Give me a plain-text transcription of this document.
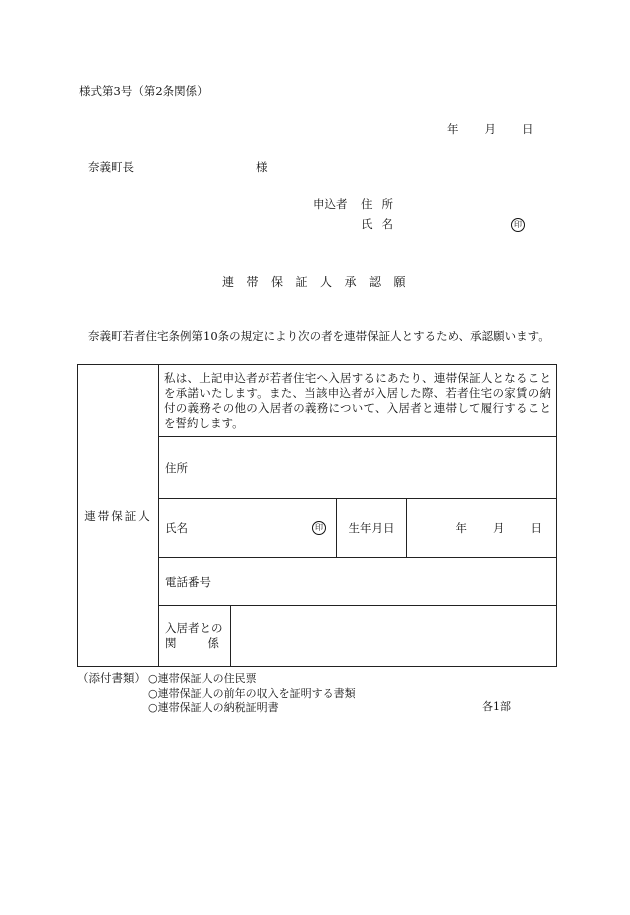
様式第3号（第2条関係）
年 月 日
奈義町長	様
申込者 住所
氏名	印
連帯保証人承認願
奈義町若者住宅条例第10条の規定により次の者を連帯保証人とするため、承認願います。
連帯保証人	私は、上記申込者が若者住宅へ入居するにあたり、連帯保証人となることを承諾いたします。また、当該申込者が入居した際、若者住宅の家賃の納付の義務その他の入居者の義務について、入居者と連帯して履行することを誓約します。			
	住所			

	氏名 印		生年月日	年 月 日
	電話番号			

	入居者との
関 係			

（添付書類） ○連帯保証人の住民票
○連帯保証人の前年の収入を証明する書類
○連帯保証人の納税証明書	各1部
